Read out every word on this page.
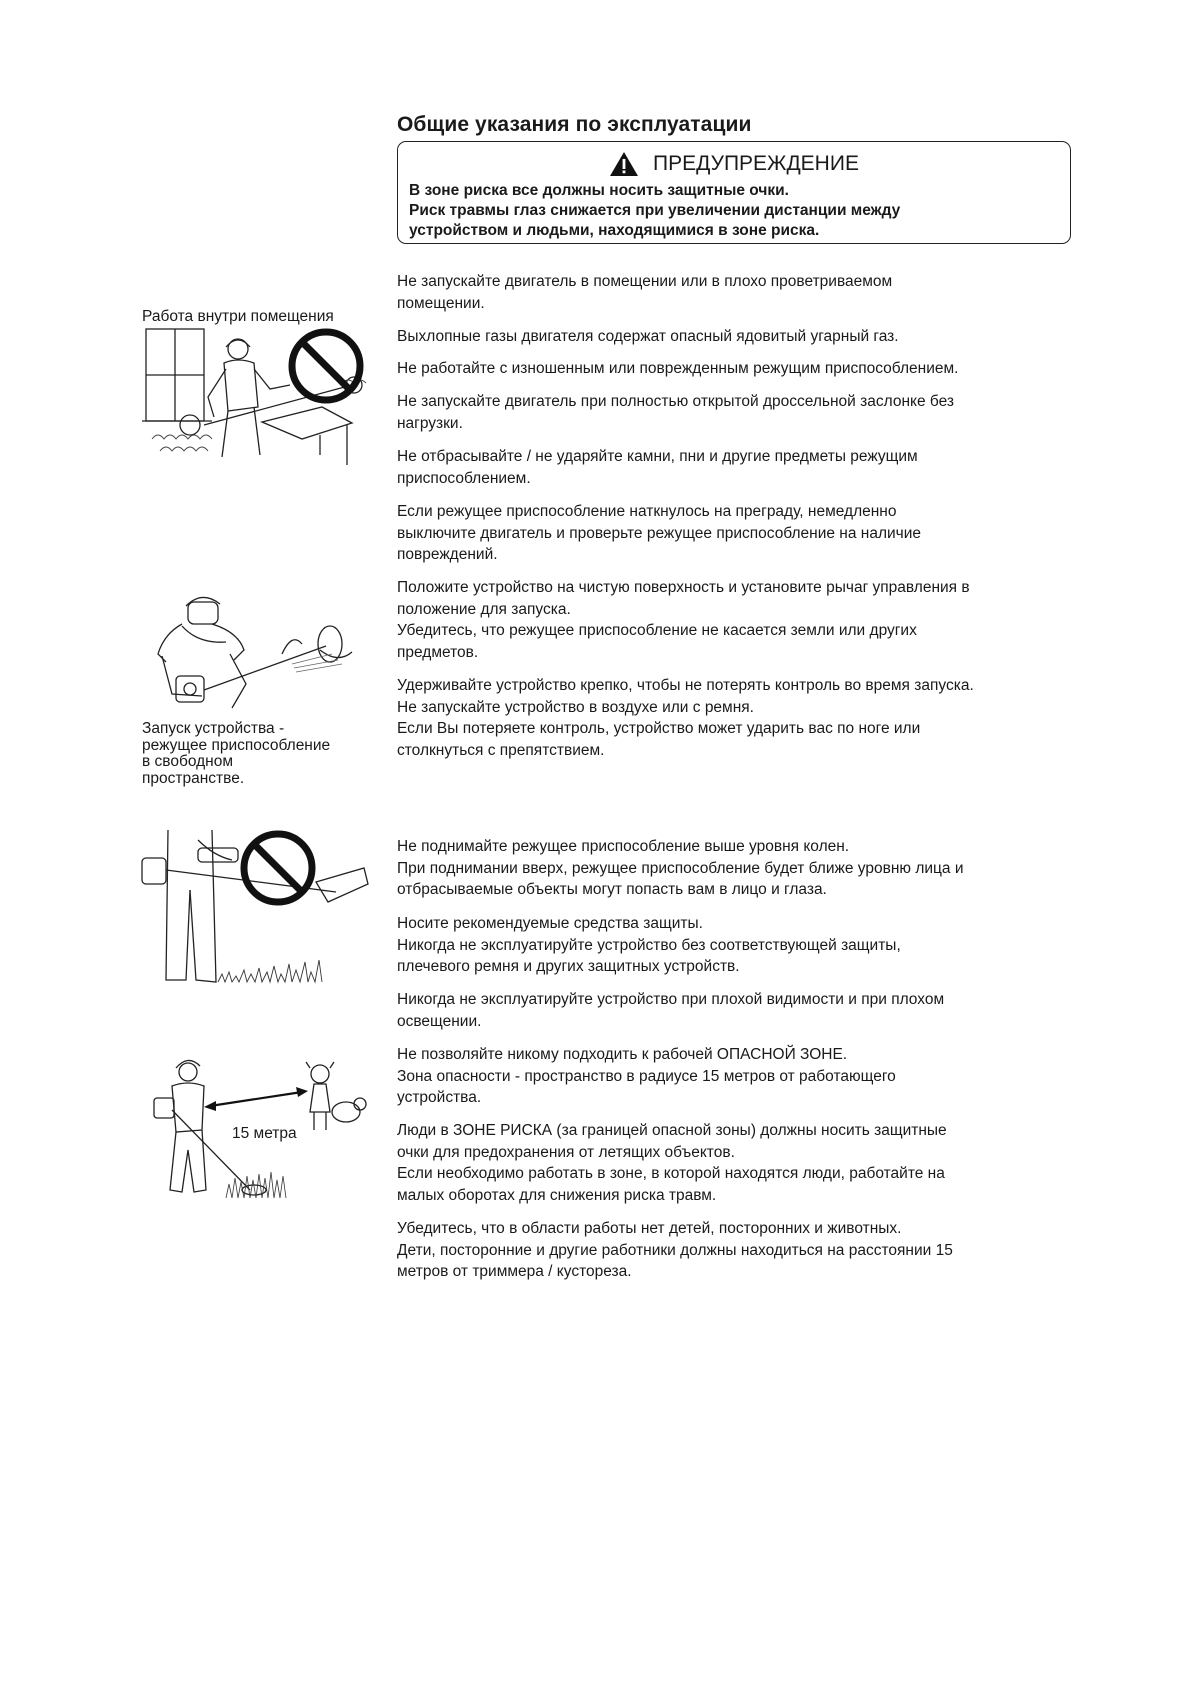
Общие указания по эксплуатации
ПРЕДУПРЕЖДЕНИЕ
В зоне риска все должны носить защитные очки.
Риск травмы глаз снижается при увеличении дистанции между
устройством и людьми, находящимися в зоне риска.

Работа внутри помещения

Запуск устройства -
режущее приспособление
в свободном
пространстве.

15 метра

Не запускайте двигатель в помещении или в плохо проветриваемом
помещении.
Выхлопные газы двигателя содержат опасный ядовитый угарный газ.
Не работайте с изношенным или поврежденным режущим приспособлением.
Не запускайте двигатель при полностью открытой дроссельной заслонке без
нагрузки.
Не отбрасывайте / не ударяйте камни, пни и другие предметы режущим
приспособлением.
Если режущее приспособление наткнулось на преграду, немедленно
выключите двигатель и проверьте режущее приспособление на наличие
повреждений.
Положите устройство на чистую поверхность и установите рычаг управления в
положение для запуска.
Убедитесь, что режущее приспособление не касается земли или других
предметов.
Удерживайте устройство крепко, чтобы не потерять контроль во время запуска.
Не запускайте устройство в воздухе или с ремня.
Если Вы потеряете контроль, устройство может ударить вас по ноге или
столкнуться с препятствием.
Не поднимайте режущее приспособление выше уровня колен.
При поднимании вверх, режущее приспособление будет ближе уровню лица и
отбрасываемые объекты могут попасть вам в лицо и глаза.
Носите рекомендуемые средства защиты.
Никогда не эксплуатируйте устройство без соответствующей защиты,
плечевого ремня и других защитных устройств.
Никогда не эксплуатируйте устройство при плохой видимости и при плохом
освещении.
Не позволяйте никому подходить к рабочей ОПАСНОЙ ЗОНЕ.
Зона опасности - пространство в радиусе 15 метров от работающего
устройства.
Люди в ЗОНЕ РИСКА (за границей опасной зоны) должны носить защитные
очки для предохранения от летящих объектов.
Если необходимо работать в зоне, в которой находятся люди, работайте на
малых оборотах для снижения риска травм.
Убедитесь, что в области работы нет детей, посторонних и животных.
Дети, посторонние и другие работники должны находиться на расстоянии 15
метров от триммера / кустореза.
